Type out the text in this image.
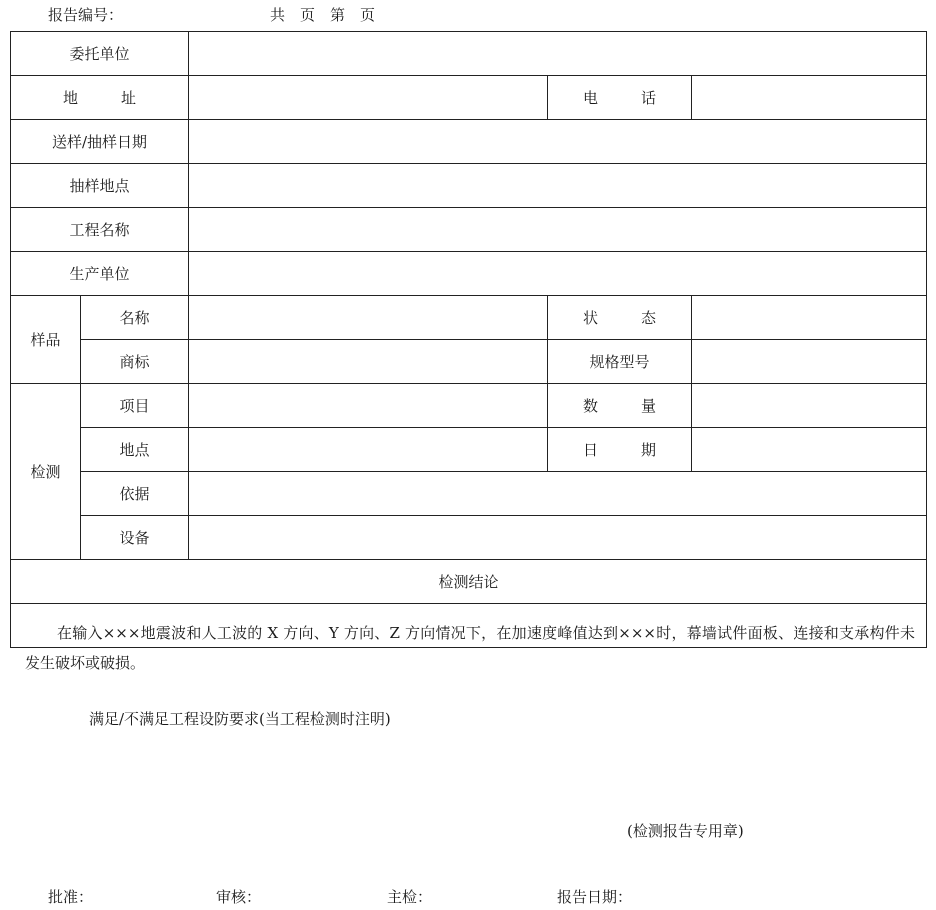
报告编号：	共　页　第　页
委托单位				
地　址			电　话	
送样/抽样日期				
抽样地点				
工程名称				
生产单位				
样品	名称		状　态	
	商标		规格型号	
检测	项目		数　量	
	地点		日　期	
	依据			
	设备			
检测结论				

在输入×××地震波和人工波的 X 方向、Y 方向、Z 方向情况下，在加速度峰值达到×××时，幕墙试件面板、连接和支承构件未发生破坏或破损。
满足/不满足工程设防要求(当工程检测时注明)
(检测报告专用章)				
批准：	审核：	主检：	报告日期：
